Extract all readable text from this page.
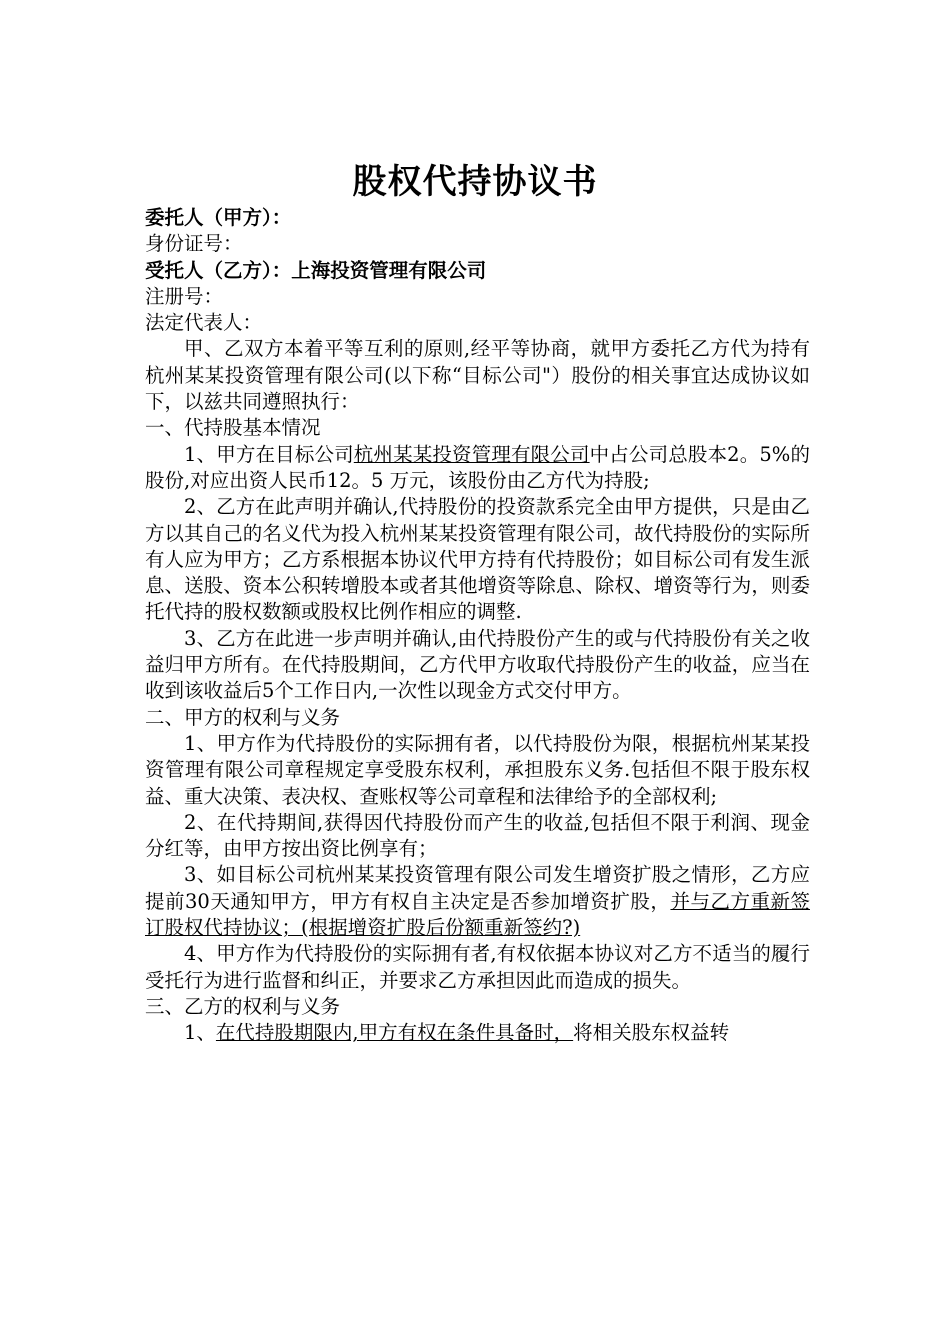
股权代持协议书
委托人（甲方）：
身份证号：
受托人（乙方）：上海投资管理有限公司
注册号：
法定代表人：
甲、乙双方本着平等互利的原则,经平等协商，就甲方委托乙方代为持有杭州某某投资管理有限公司(以下称“目标公司"）股份的相关事宜达成协议如下，以兹共同遵照执行：
一、代持股基本情况
1、甲方在目标公司杭州某某投资管理有限公司中占公司总股本2。5%的股份,对应出资人民币12。5 万元，该股份由乙方代为持股;
2、乙方在此声明并确认,代持股份的投资款系完全由甲方提供，只是由乙方以其自己的名义代为投入杭州某某投资管理有限公司，故代持股份的实际所有人应为甲方；乙方系根据本协议代甲方持有代持股份；如目标公司有发生派息、送股、资本公积转增股本或者其他增资等除息、除权、增资等行为，则委托代持的股权数额或股权比例作相应的调整.
3、乙方在此进一步声明并确认,由代持股份产生的或与代持股份有关之收益归甲方所有。在代持股期间，乙方代甲方收取代持股份产生的收益，应当在收到该收益后5个工作日内,一次性以现金方式交付甲方。
二、甲方的权利与义务
1、甲方作为代持股份的实际拥有者，以代持股份为限，根据杭州某某投资管理有限公司章程规定享受股东权利，承担股东义务.包括但不限于股东权益、重大决策、表决权、查账权等公司章程和法律给予的全部权利;
2、在代持期间,获得因代持股份而产生的收益,包括但不限于利润、现金分红等，由甲方按出资比例享有；
3、如目标公司杭州某某投资管理有限公司发生增资扩股之情形，乙方应提前30天通知甲方，甲方有权自主决定是否参加增资扩股，并与乙方重新签订股权代持协议；(根据增资扩股后份额重新签约?)
4、甲方作为代持股份的实际拥有者,有权依据本协议对乙方不适当的履行受托行为进行监督和纠正，并要求乙方承担因此而造成的损失。
三、乙方的权利与义务
1、在代持股期限内,甲方有权在条件具备时，将相关股东权益转
